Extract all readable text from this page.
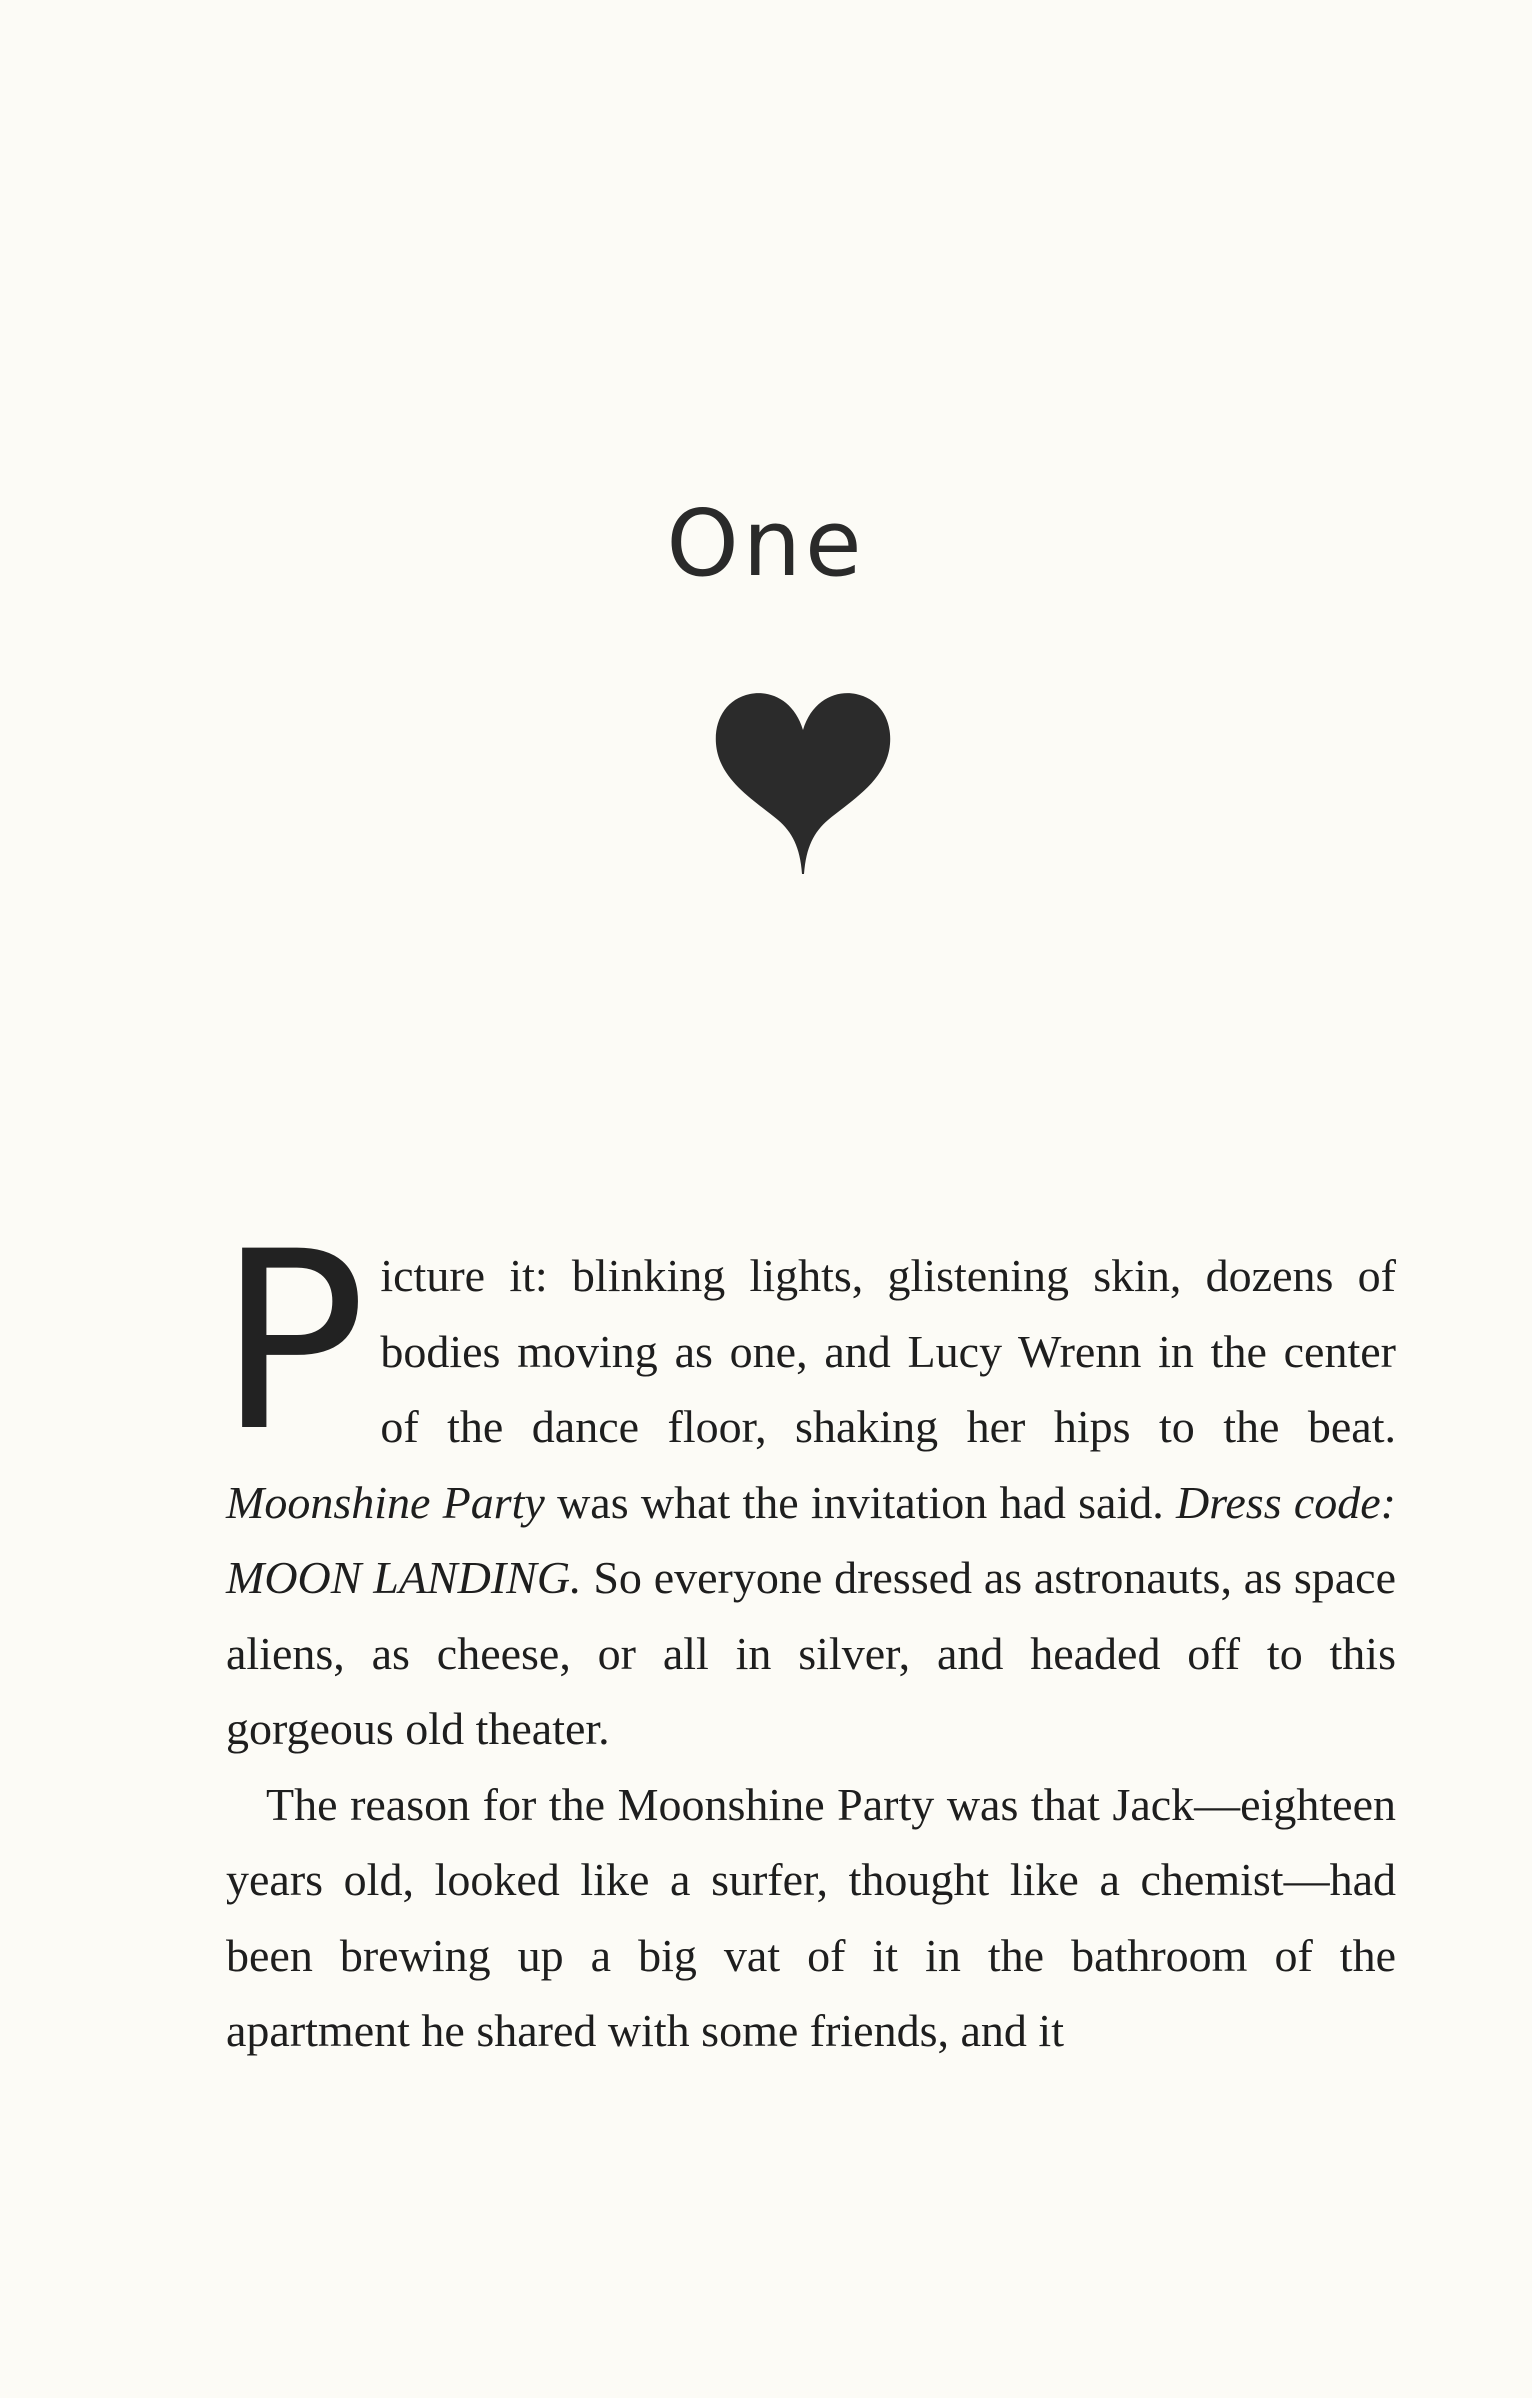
One

Picture it: blinking lights, glistening skin, dozens of bodies moving as one, and Lucy Wrenn in the center of the dance floor, shaking her hips to the beat. Moonshine Party was what the invitation had said. Dress code: MOON LANDING. So everyone dressed as astronauts, as space aliens, as cheese, or all in silver, and headed off to this gorgeous old theater.

The reason for the Moonshine Party was that Jack—eighteen years old, looked like a surfer, thought like a chemist—had been brewing up a big vat of it in the bathroom of the apartment he shared with some friends, and it
